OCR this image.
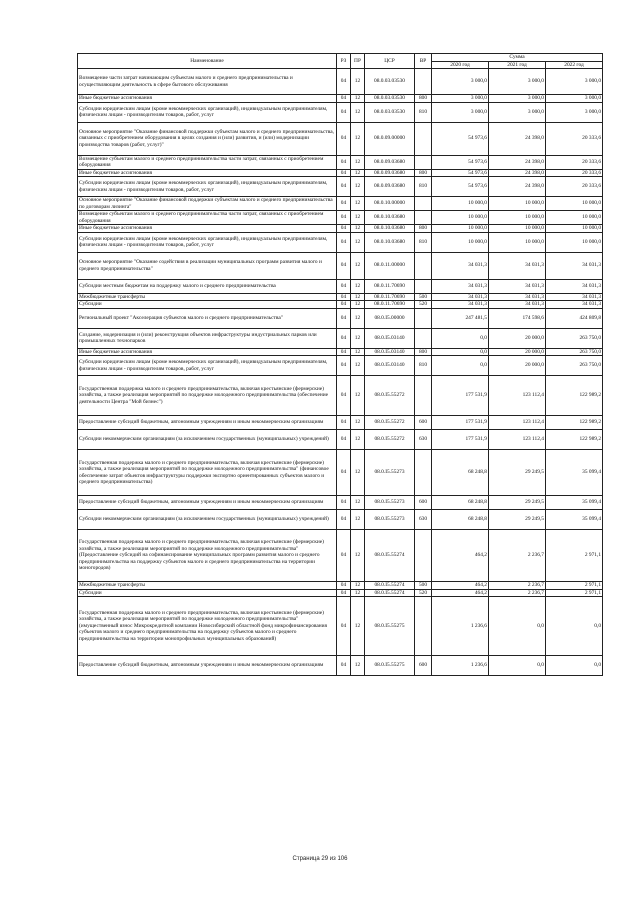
Наименование	РЗ	ПР	ЦСР	ВР	Сумма		
					2020 год	2021 год	2022 год
Возмещение части затрат начинающим субъектам малого и среднего предпринимательства и осуществляющим деятельность в сфере бытового обслуживания	04	12	08.0.03.03530		3 000,0	3 000,0	3 000,0
Иные бюджетные ассигнования	04	12	08.0.03.03530	800	3 000,0	3 000,0	3 000,0
Субсидии юридическим лицам (кроме некоммерческих организаций), индивидуальным предпринимателям, физическим лицам - производителям товаров, работ, услуг	04	12	08.0.03.03530	810	3 000,0	3 000,0	3 000,0
Основное мероприятие "Оказание финансовой поддержки субъектам малого и среднего предпринимательства, связанных с приобретением оборудования в целях создания и (или) развития, и (или) модернизации производства товаров (работ, услуг)"	04	12	08.0.09.00000		54 973,6	24 398,0	20 333,6
Возмещение субъектам малого и среднего предпринимательства части затрат, связанных с приобретением оборудования	04	12	08.0.09.03680		54 973,6	24 398,0	20 333,6
Иные бюджетные ассигнования	04	12	08.0.09.03680	800	54 973,6	24 398,0	20 333,6
Субсидии юридическим лицам (кроме некоммерческих организаций), индивидуальным предпринимателям, физическим лицам - производителям товаров, работ, услуг	04	12	08.0.09.03680	810	54 973,6	24 398,0	20 333,6
Основное мероприятие "Оказание финансовой поддержки субъектам малого и среднего предпринимательства по договорам лизинга"	04	12	08.0.10.00000		10 000,0	10 000,0	10 000,0
Возмещение субъектам малого и среднего предпринимательства части затрат, связанных с приобретением оборудования	04	12	08.0.10.03680		10 000,0	10 000,0	10 000,0
Иные бюджетные ассигнования	04	12	08.0.10.03680	800	10 000,0	10 000,0	10 000,0
Субсидии юридическим лицам (кроме некоммерческих организаций), индивидуальным предпринимателям, физическим лицам - производителям товаров, работ, услуг	04	12	08.0.10.03680	810	10 000,0	10 000,0	10 000,0
Основное мероприятие "Оказание содействия в реализации муниципальных программ развития малого и среднего предпринимательства"	04	12	08.0.11.00000		34 031,3	34 031,3	34 031,3
Субсидии местным бюджетам на поддержку малого и среднего предпринимательства	04	12	08.0.11.70690		34 031,3	34 031,3	34 031,3
Межбюджетные трансферты	04	12	08.0.11.70690	500	34 031,3	34 031,3	34 031,3
Субсидии	04	12	08.0.11.70690	520	34 031,3	34 031,3	34 031,3
Региональный проект "Акселерация субъектов малого и среднего предпринимательства"	04	12	08.0.I5.00000		247 481,5	174 598,6	424 809,8
Создание, модернизация и (или) реконструкция объектов инфраструктуры индустриальных парков или промышленных технопарков	04	12	08.0.I5.03140		0,0	20 000,0	263 750,0
Иные бюджетные ассигнования	04	12	08.0.I5.03140	800	0,0	20 000,0	263 750,0
Субсидии юридическим лицам (кроме некоммерческих организаций), индивидуальным предпринимателям, физическим лицам - производителям товаров, работ, услуг	04	12	08.0.I5.03140	810	0,0	20 000,0	263 750,0
Государственная поддержка малого и среднего предпринимательства, включая крестьянские (фермерские) хозяйства, а также реализация мероприятий по поддержке молодежного предпринимательства (обеспечение деятельности Центра "Мой бизнес")	04	12	08.0.I5.55272		177 531,9	123 112,4	122 989,2
Предоставление субсидий бюджетным, автономным учреждениям и иным некоммерческим организациям	04	12	08.0.I5.55272	600	177 531,9	123 112,4	122 989,2
Субсидии некоммерческим организациям (за исключением государственных (муниципальных) учреждений)	04	12	08.0.I5.55272	630	177 531,9	123 112,4	122 989,2
Государственная поддержка малого и среднего предпринимательства, включая крестьянские (фермерские) хозяйства, а также реализация мероприятий по поддержке молодежного предпринимательства" (финансовое обеспечение затрат объектов инфраструктуры поддержки экспортно ориентированных субъектов малого и среднего предпринимательства)	04	12	08.0.I5.55273		68 248,8	29 249,5	35 099,4
Предоставление субсидий бюджетным, автономным учреждениям и иным некоммерческим организациям	04	12	08.0.I5.55273	600	68 248,8	29 249,5	35 099,4
Субсидии некоммерческим организациям (за исключением государственных (муниципальных) учреждений)	04	12	08.0.I5.55273	630	68 248,8	29 249,5	35 099,4
Государственная поддержка малого и среднего предпринимательства, включая крестьянские (фермерские) хозяйства, а также реализация мероприятий по поддержке молодежного предпринимательства" (Предоставление субсидий на софинансирование муниципальных программ развития малого и среднего предпринимательства на поддержку субъектов малого и среднего предпринимательства на территории моногородов)	04	12	08.0.I5.55274		464,2	2 236,7	2 971,1
Межбюджетные трансферты	04	12	08.0.I5.55274	500	464,2	2 236,7	2 971,1
Субсидии	04	12	08.0.I5.55274	520	464,2	2 236,7	2 971,1
Государственная поддержка малого и среднего предпринимательства, включая крестьянские (фермерские) хозяйства, а также реализация мероприятий по поддержке молодежного предпринимательства" (имущественный взнос Микрокредитной компании Новосибирский областной фонд микрофинансирования субъектов малого и среднего предпринимательства на поддержку субъектов малого и среднего предпринимательства на территории монопрофильных муниципальных образований)	04	12	08.0.I5.55275		1 236,6	0,0	0,0
Предоставление субсидий бюджетным, автономным учреждениям и иным некоммерческим организациям	04	12	08.0.I5.55275	600	1 236,6	0,0	0,0
Страница 29 из 106
